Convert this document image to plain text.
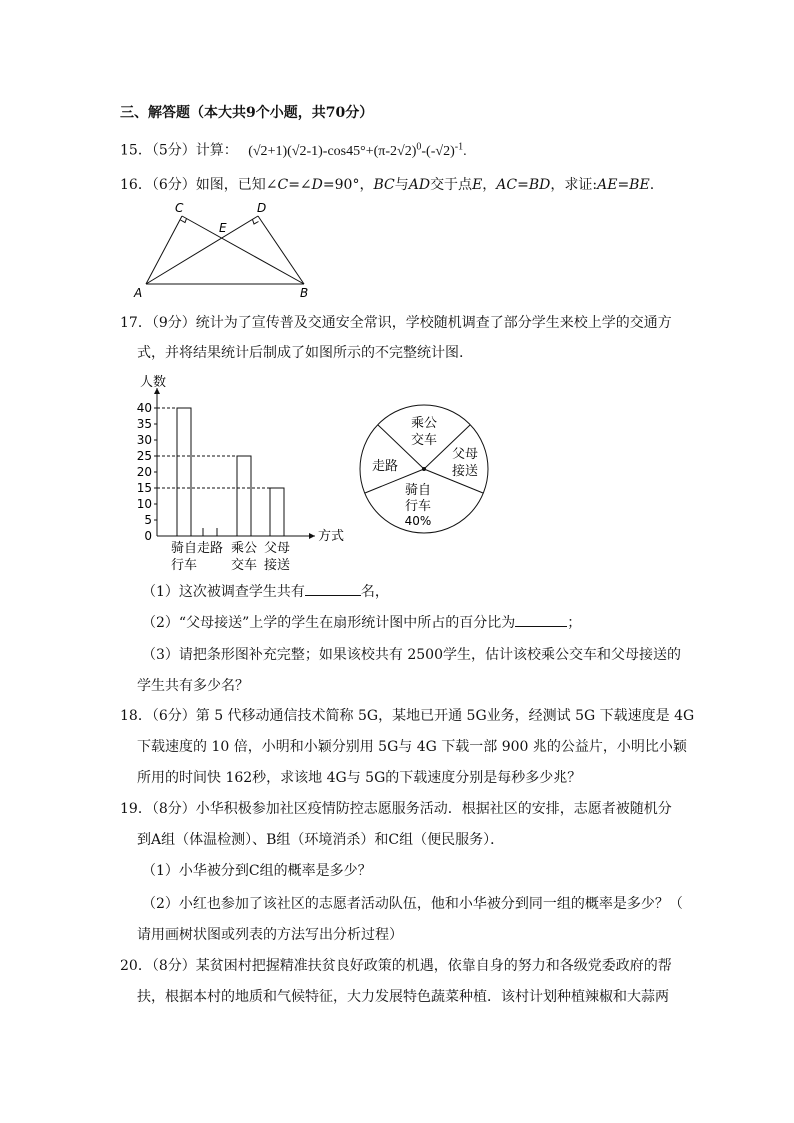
三、解答题（本大共9个小题，共70分）
15．（5分）计算： $(√2+1)(√2-1)-\cos 45^\circ+(\pi-2√2)^0-(-√2)^{-1}$.
16．（6分）如图，已知∠C=∠D=90°，BC与AD交于点E，AC=BD，求证:AE=BE.
A	B
C	D
E
17．（9分）统计为了宣传普及交通安全常识，学校随机调查了部分学生来校上学的交通方
式，并将结果统计后制成了如图所示的不完整统计图.
人数
方式
0
5
10
15
20
25
30
35
40
骑自
行车
走路 乘公
交车
父母
接送
乘公
交车
父母
接送
走路
骑自
行车
40%
（1）这次被调查学生共有	名，
（2）“父母接送”上学的学生在扇形统计图中所占的百分比为	；
（3）请把条形图补充完整；如果该校共有 2500学生，估计该校乘公交车和父母接送的
学生共有多少名？
18．（6分）第 5 代移动通信技术简称 5G，某地已开通 5G业务，经测试 5G 下载速度是 4G
下载速度的 10 倍，小明和小颖分别用 5G与 4G 下载一部 900 兆的公益片，小明比小颖
所用的时间快 162秒，求该地 4G与 5G的下载速度分别是每秒多少兆？
19．（8分）小华积极参加社区疫情防控志愿服务活动．根据社区的安排，志愿者被随机分
到A组（体温检测）、B组（环境消杀）和C组（便民服务）．
（1）小华被分到C组的概率是多少？
（2）小红也参加了该社区的志愿者活动队伍，他和小华被分到同一组的概率是多少？（
请用画树状图或列表的方法写出分析过程）
20．（8分）某贫困村把握精准扶贫良好政策的机遇，依靠自身的努力和各级党委政府的帮
扶，根据本村的地质和气候特征，大力发展特色蔬菜种植．该村计划种植辣椒和大蒜两
